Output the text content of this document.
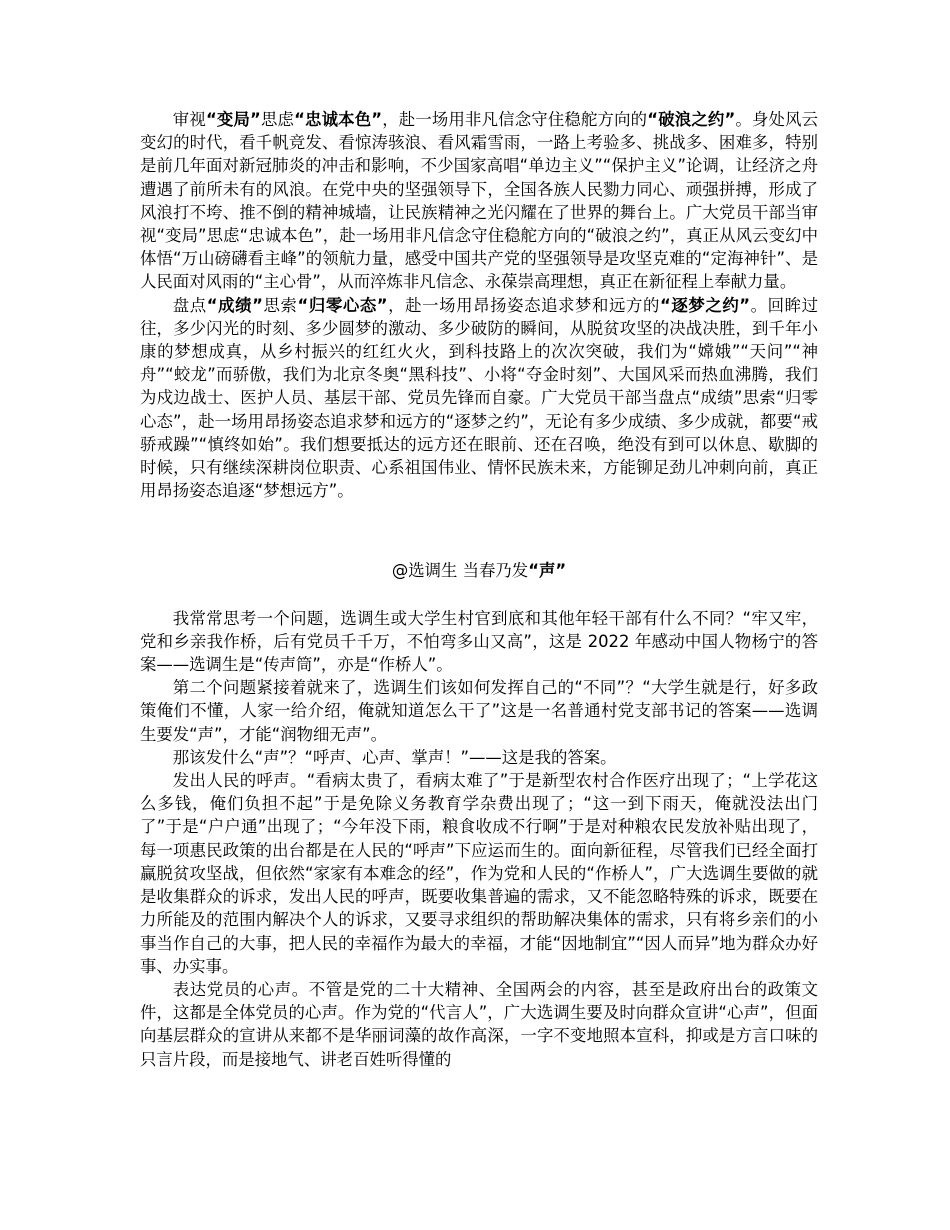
审视“变局”思虑“忠诚本色”，赴一场用非凡信念守住稳舵方向的“破浪之约”。身处风云变幻的时代，看千帆竞发、看惊涛骇浪、看风霜雪雨，一路上考验多、挑战多、困难多，特别是前几年面对新冠肺炎的冲击和影响，不少国家高唱“单边主义”“保护主义”论调，让经济之舟遭遇了前所未有的风浪。在党中央的坚强领导下，全国各族人民勠力同心、顽强拼搏，形成了风浪打不垮、推不倒的精神城墙，让民族精神之光闪耀在了世界的舞台上。广大党员干部当审视“变局”思虑“忠诚本色”，赴一场用非凡信念守住稳舵方向的“破浪之约”，真正从风云变幻中体悟“万山磅礴看主峰”的领航力量，感受中国共产党的坚强领导是攻坚克难的“定海神针”、是人民面对风雨的“主心骨”，从而淬炼非凡信念、永葆崇高理想，真正在新征程上奉献力量。

盘点“成绩”思索“归零心态”，赴一场用昂扬姿态追求梦和远方的“逐梦之约”。回眸过往，多少闪光的时刻、多少圆梦的激动、多少破防的瞬间，从脱贫攻坚的决战决胜，到千年小康的梦想成真，从乡村振兴的红红火火，到科技路上的次次突破，我们为“嫦娥”“天问”“神舟”“蛟龙”而骄傲，我们为北京冬奥“黑科技”、小将“夺金时刻”、大国风采而热血沸腾，我们为戍边战士、医护人员、基层干部、党员先锋而自豪。广大党员干部当盘点“成绩”思索“归零心态”，赴一场用昂扬姿态追求梦和远方的“逐梦之约”，无论有多少成绩、多少成就，都要“戒骄戒躁”“慎终如始”。我们想要抵达的远方还在眼前、还在召唤，绝没有到可以休息、歇脚的时候，只有继续深耕岗位职责、心系祖国伟业、情怀民族未来，方能铆足劲儿冲刺向前，真正用昂扬姿态追逐“梦想远方”。

@选调生 当春乃发“声”

我常常思考一个问题，选调生或大学生村官到底和其他年轻干部有什么不同？“牢又牢，党和乡亲我作桥，后有党员千千万，不怕弯多山又高”，这是 2022 年感动中国人物杨宁的答案——选调生是“传声筒”，亦是“作桥人”。

第二个问题紧接着就来了，选调生们该如何发挥自己的“不同”？“大学生就是行，好多政策俺们不懂，人家一给介绍，俺就知道怎么干了”这是一名普通村党支部书记的答案——选调生要发“声”，才能“润物细无声”。

那该发什么“声”？“呼声、心声、掌声！”——这是我的答案。

发出人民的呼声。“看病太贵了，看病太难了”于是新型农村合作医疗出现了；“上学花这么多钱，俺们负担不起”于是免除义务教育学杂费出现了；“这一到下雨天，俺就没法出门了”于是“户户通”出现了；“今年没下雨，粮食收成不行啊”于是对种粮农民发放补贴出现了，每一项惠民政策的出台都是在人民的“呼声”下应运而生的。面向新征程，尽管我们已经全面打赢脱贫攻坚战，但依然“家家有本难念的经”，作为党和人民的“作桥人”，广大选调生要做的就是收集群众的诉求，发出人民的呼声，既要收集普遍的需求，又不能忽略特殊的诉求，既要在力所能及的范围内解决个人的诉求，又要寻求组织的帮助解决集体的需求，只有将乡亲们的小事当作自己的大事，把人民的幸福作为最大的幸福，才能“因地制宜”“因人而异”地为群众办好事、办实事。

表达党员的心声。不管是党的二十大精神、全国两会的内容，甚至是政府出台的政策文件，这都是全体党员的心声。作为党的“代言人”，广大选调生要及时向群众宣讲“心声”，但面向基层群众的宣讲从来都不是华丽词藻的故作高深，一字不变地照本宣科，抑或是方言口味的只言片段，而是接地气、讲老百姓听得懂的
